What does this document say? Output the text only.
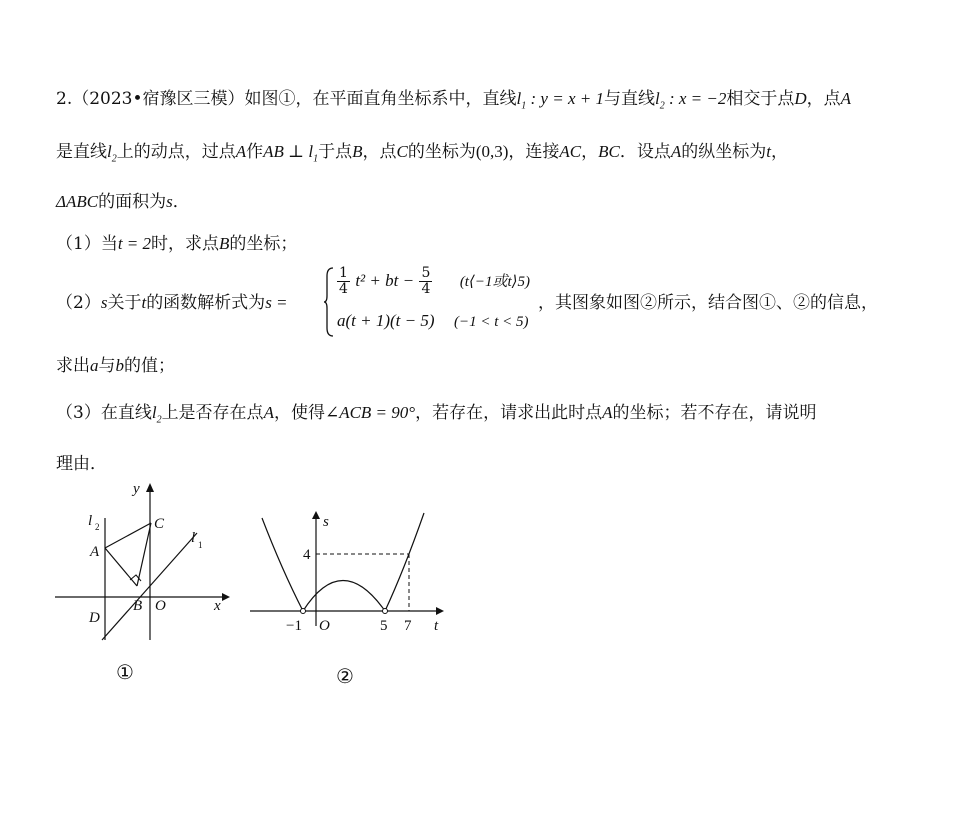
2.（2023•宿豫区三模）如图①，在平面直角坐标系中，直线$l_1$ : y = x + 1与直线$l_2$ : x = −2相交于点D，点A
是直线$l_2$上的动点，过点A作AB ⊥ $l_1$于点B，点C的坐标为(0,3)，连接AC，BC．设点A的纵坐标为t，
ΔABC的面积为s．
（1）当t = 2时，求点B的坐标；
（2）s关于t的函数解析式为s =
$\frac{1}{4} t^2$ + bt − $\frac{5}{4}$ (t⟨−1或t⟩5)
a(t + 1)(t − 5) (−1 < t < 5)
，其图象如图②所示，结合图①、②的信息，
求出a与b的值；
（3）在直线$l_2$上是否存在点A，使得∠ACB = 90°，若存在，请求出此时点A的坐标；若不存在，请说明
理由．
y
x
l 2
l 1
A
C
B O
D
①
s
t
4
−1 O	5 7
②
